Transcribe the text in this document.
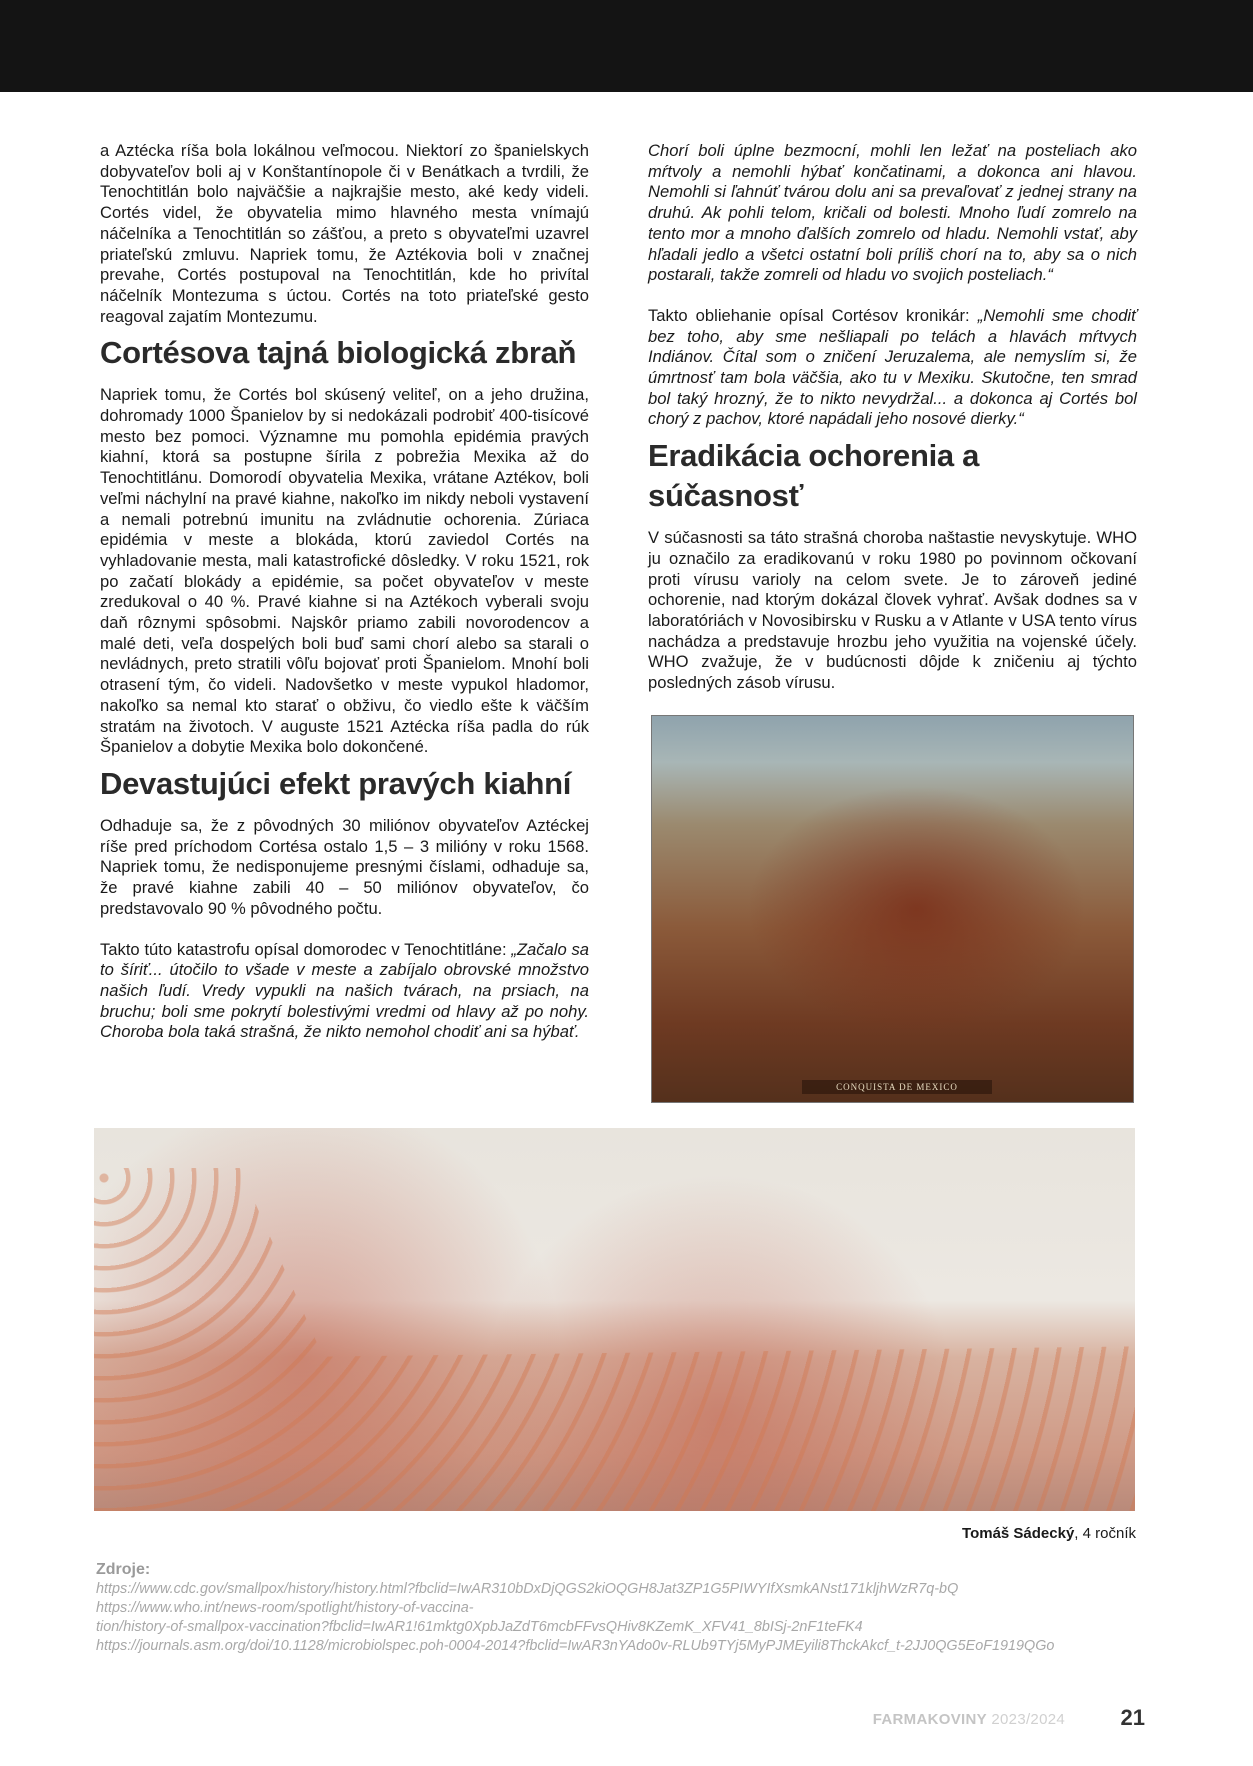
a Aztécka ríša bola lokálnou veľmocou. Niektorí zo španielskych dobyvateľov boli aj v Konštantínopole či v Benátkach a tvrdili, že Tenochtitlán bolo najväčšie a najkrajšie mesto, aké kedy videli. Cortés videl, že obyvatelia mimo hlavného mesta vnímajú náčelníka a Tenochtitlán so zášťou, a preto s obyvateľmi uzavrel priateľskú zmluvu. Napriek tomu, že Aztékovia boli v značnej prevahe, Cortés postupoval na Tenochtitlán, kde ho privítal náčelník Montezuma s úctou. Cortés na toto priateľské gesto reagoval zajatím Montezumu.

Cortésova tajná biologická zbraň

Napriek tomu, že Cortés bol skúsený veliteľ, on a jeho družina, dohromady 1000 Španielov by si nedokázali podrobiť 400-tisícové mesto bez pomoci. Významne mu pomohla epidémia pravých kiahní, ktorá sa postupne šírila z pobrežia Mexika až do Tenochtitlánu. Domorodí obyvatelia Mexika, vrátane Aztékov, boli veľmi náchylní na pravé kiahne, nakoľko im nikdy neboli vystavení a nemali potrebnú imunitu na zvládnutie ochorenia. Zúriaca epidémia v meste a blokáda, ktorú zaviedol Cortés na vyhladovanie mesta, mali katastrofické dôsledky. V roku 1521, rok po začatí blokády a epidémie, sa počet obyvateľov v meste zredukoval o 40 %. Pravé kiahne si na Aztékoch vyberali svoju daň rôznymi spôsobmi. Najskôr priamo zabili novorodencov a malé deti, veľa dospelých boli buď sami chorí alebo sa starali o nevládnych, preto stratili vôľu bojovať proti Španielom. Mnohí boli otrasení tým, čo videli. Nadovšetko v meste vypukol hladomor, nakoľko sa nemal kto starať o obživu, čo viedlo ešte k väčším stratám na životoch. V auguste 1521 Aztécka ríša padla do rúk Španielov a dobytie Mexika bolo dokončené.

Devastujúci efekt pravých kiahní

Odhaduje sa, že z pôvodných 30 miliónov obyvateľov Aztéckej ríše pred príchodom Cortésa ostalo 1,5 – 3 milióny v roku 1568. Napriek tomu, že nedisponujeme presnými číslami, odhaduje sa, že pravé kiahne zabili 40 – 50 miliónov obyvateľov, čo predstavovalo 90 % pôvodného počtu.

Takto túto katastrofu opísal domorodec v Tenochtitláne: „Začalo sa to šíriť... útočilo to všade v meste a zabíjalo obrovské množstvo našich ľudí. Vredy vypukli na našich tvárach, na prsiach, na bruchu; boli sme pokrytí bolestivými vredmi od hlavy až po nohy. Choroba bola taká strašná, že nikto nemohol chodiť ani sa hýbať.

Chorí boli úplne bezmocní, mohli len ležať na posteliach ako mŕtvoly a nemohli hýbať končatinami, a dokonca ani hlavou. Nemohli si ľahnúť tvárou dolu ani sa prevaľovať z jednej strany na druhú. Ak pohli telom, kričali od bolesti. Mnoho ľudí zomrelo na tento mor a mnoho ďalších zomrelo od hladu. Nemohli vstať, aby hľadali jedlo a všetci ostatní boli príliš chorí na to, aby sa o nich postarali, takže zomreli od hladu vo svojich posteliach.“

Takto obliehanie opísal Cortésov kronikár: „Nemohli sme chodiť bez toho, aby sme nešliapali po telách a hlavách mŕtvych Indiánov. Čítal som o zničení Jeruzalema, ale nemyslím si, že úmrtnosť tam bola väčšia, ako tu v Mexiku. Skutočne, ten smrad bol taký hrozný, že to nikto nevydržal... a dokonca aj Cortés bol chorý z pachov, ktoré napádali jeho nosové dierky.“

Eradikácia ochorenia a súčasnosť

V súčasnosti sa táto strašná choroba naštastie nevyskytuje. WHO ju označilo za eradikovanú v roku 1980 po povinnom očkovaní proti vírusu varioly na celom svete. Je to zároveň jediné ochorenie, nad ktorým dokázal človek vyhrať. Avšak dodnes sa v laboratóriách v Novosibirsku v Rusku a v Atlante v USA tento vírus nachádza a predstavuje hrozbu jeho využitia na vojenské účely. WHO zvažuje, že v budúcnosti dôjde k zničeniu aj týchto posledných zásob vírusu.

CONQUISTA DE MEXICO
Tomáš Sádecký, 4 ročník
Zdroje:
https://www.cdc.gov/smallpox/history/history.html?fbclid=IwAR310bDxDjQGS2kiOQGH8Jat3ZP1G5PIWYIfXsmkANst171kljhWzR7q-bQ
https://www.who.int/news-room/spotlight/history-of-vaccina-
tion/history-of-smallpox-vaccination?fbclid=IwAR1!61mktg0XpbJaZdT6mcbFFvsQHiv8KZemK_XFV41_8bISj-2nF1teFK4
https://journals.asm.org/doi/10.1128/microbiolspec.poh-0004-2014?fbclid=IwAR3nYAdo0v-RLUb9TYj5MyPJMEyili8ThckAkcf_t-2JJ0QG5EoF1919QGo
FARMAKOVINY 2023/2024	21
